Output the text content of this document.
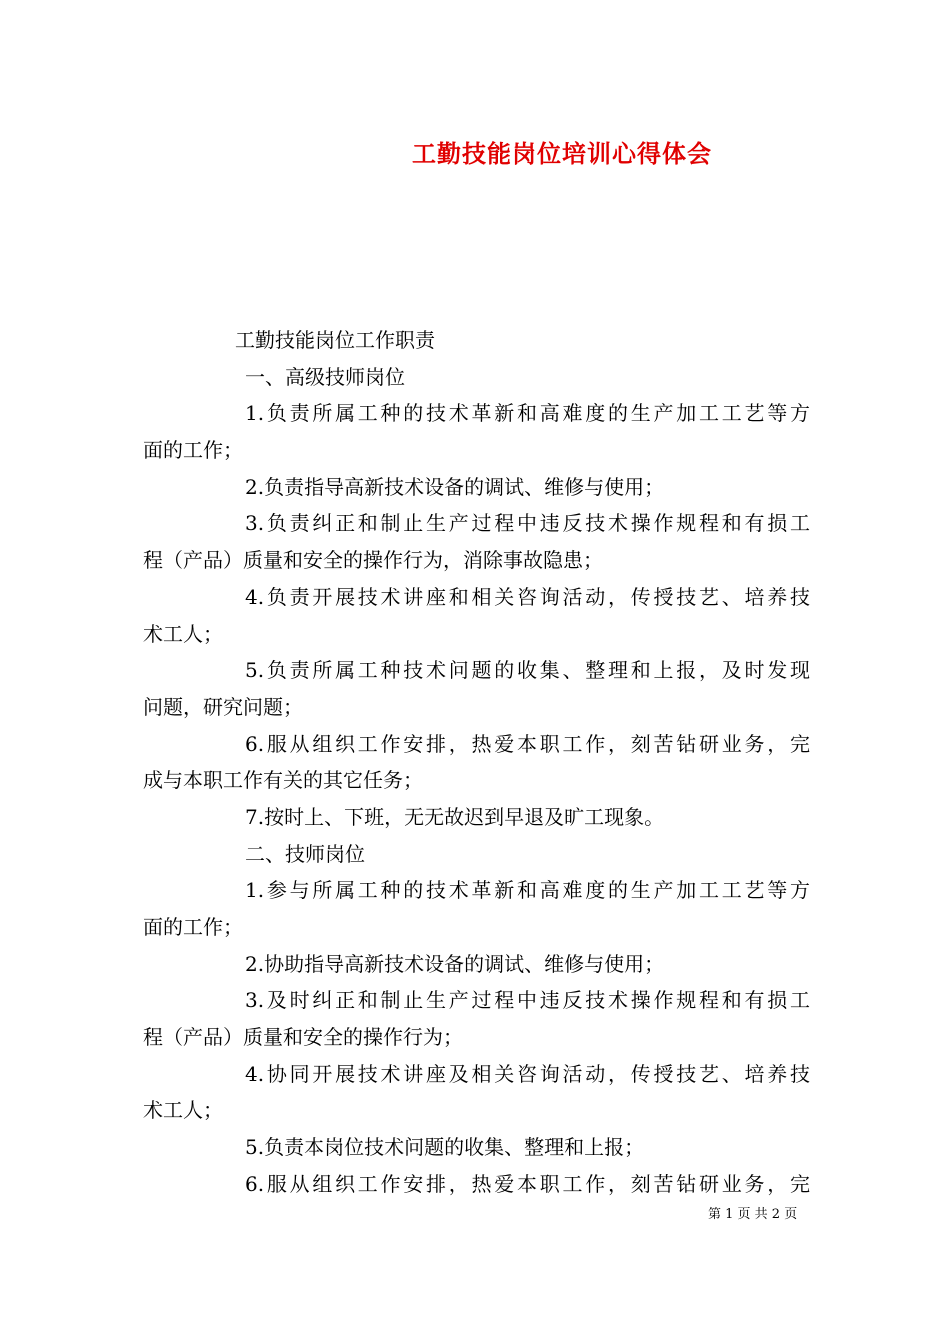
工勤技能岗位培训心得体会
工勤技能岗位工作职责
一、高级技师岗位
1.负责所属工种的技术革新和高难度的生产加工工艺等方
面的工作；
2.负责指导高新技术设备的调试、维修与使用；
3.负责纠正和制止生产过程中违反技术操作规程和有损工
程（产品）质量和安全的操作行为，消除事故隐患；
4.负责开展技术讲座和相关咨询活动，传授技艺、培养技
术工人；
5.负责所属工种技术问题的收集、整理和上报，及时发现
问题，研究问题；
6.服从组织工作安排，热爱本职工作，刻苦钻研业务，完
成与本职工作有关的其它任务；
7.按时上、下班，无无故迟到早退及旷工现象。
二、技师岗位
1.参与所属工种的技术革新和高难度的生产加工工艺等方
面的工作；
2.协助指导高新技术设备的调试、维修与使用；
3.及时纠正和制止生产过程中违反技术操作规程和有损工
程（产品）质量和安全的操作行为；
4.协同开展技术讲座及相关咨询活动，传授技艺、培养技
术工人；
5.负责本岗位技术问题的收集、整理和上报；
6.服从组织工作安排，热爱本职工作，刻苦钻研业务，完
第 1 页 共 2 页
